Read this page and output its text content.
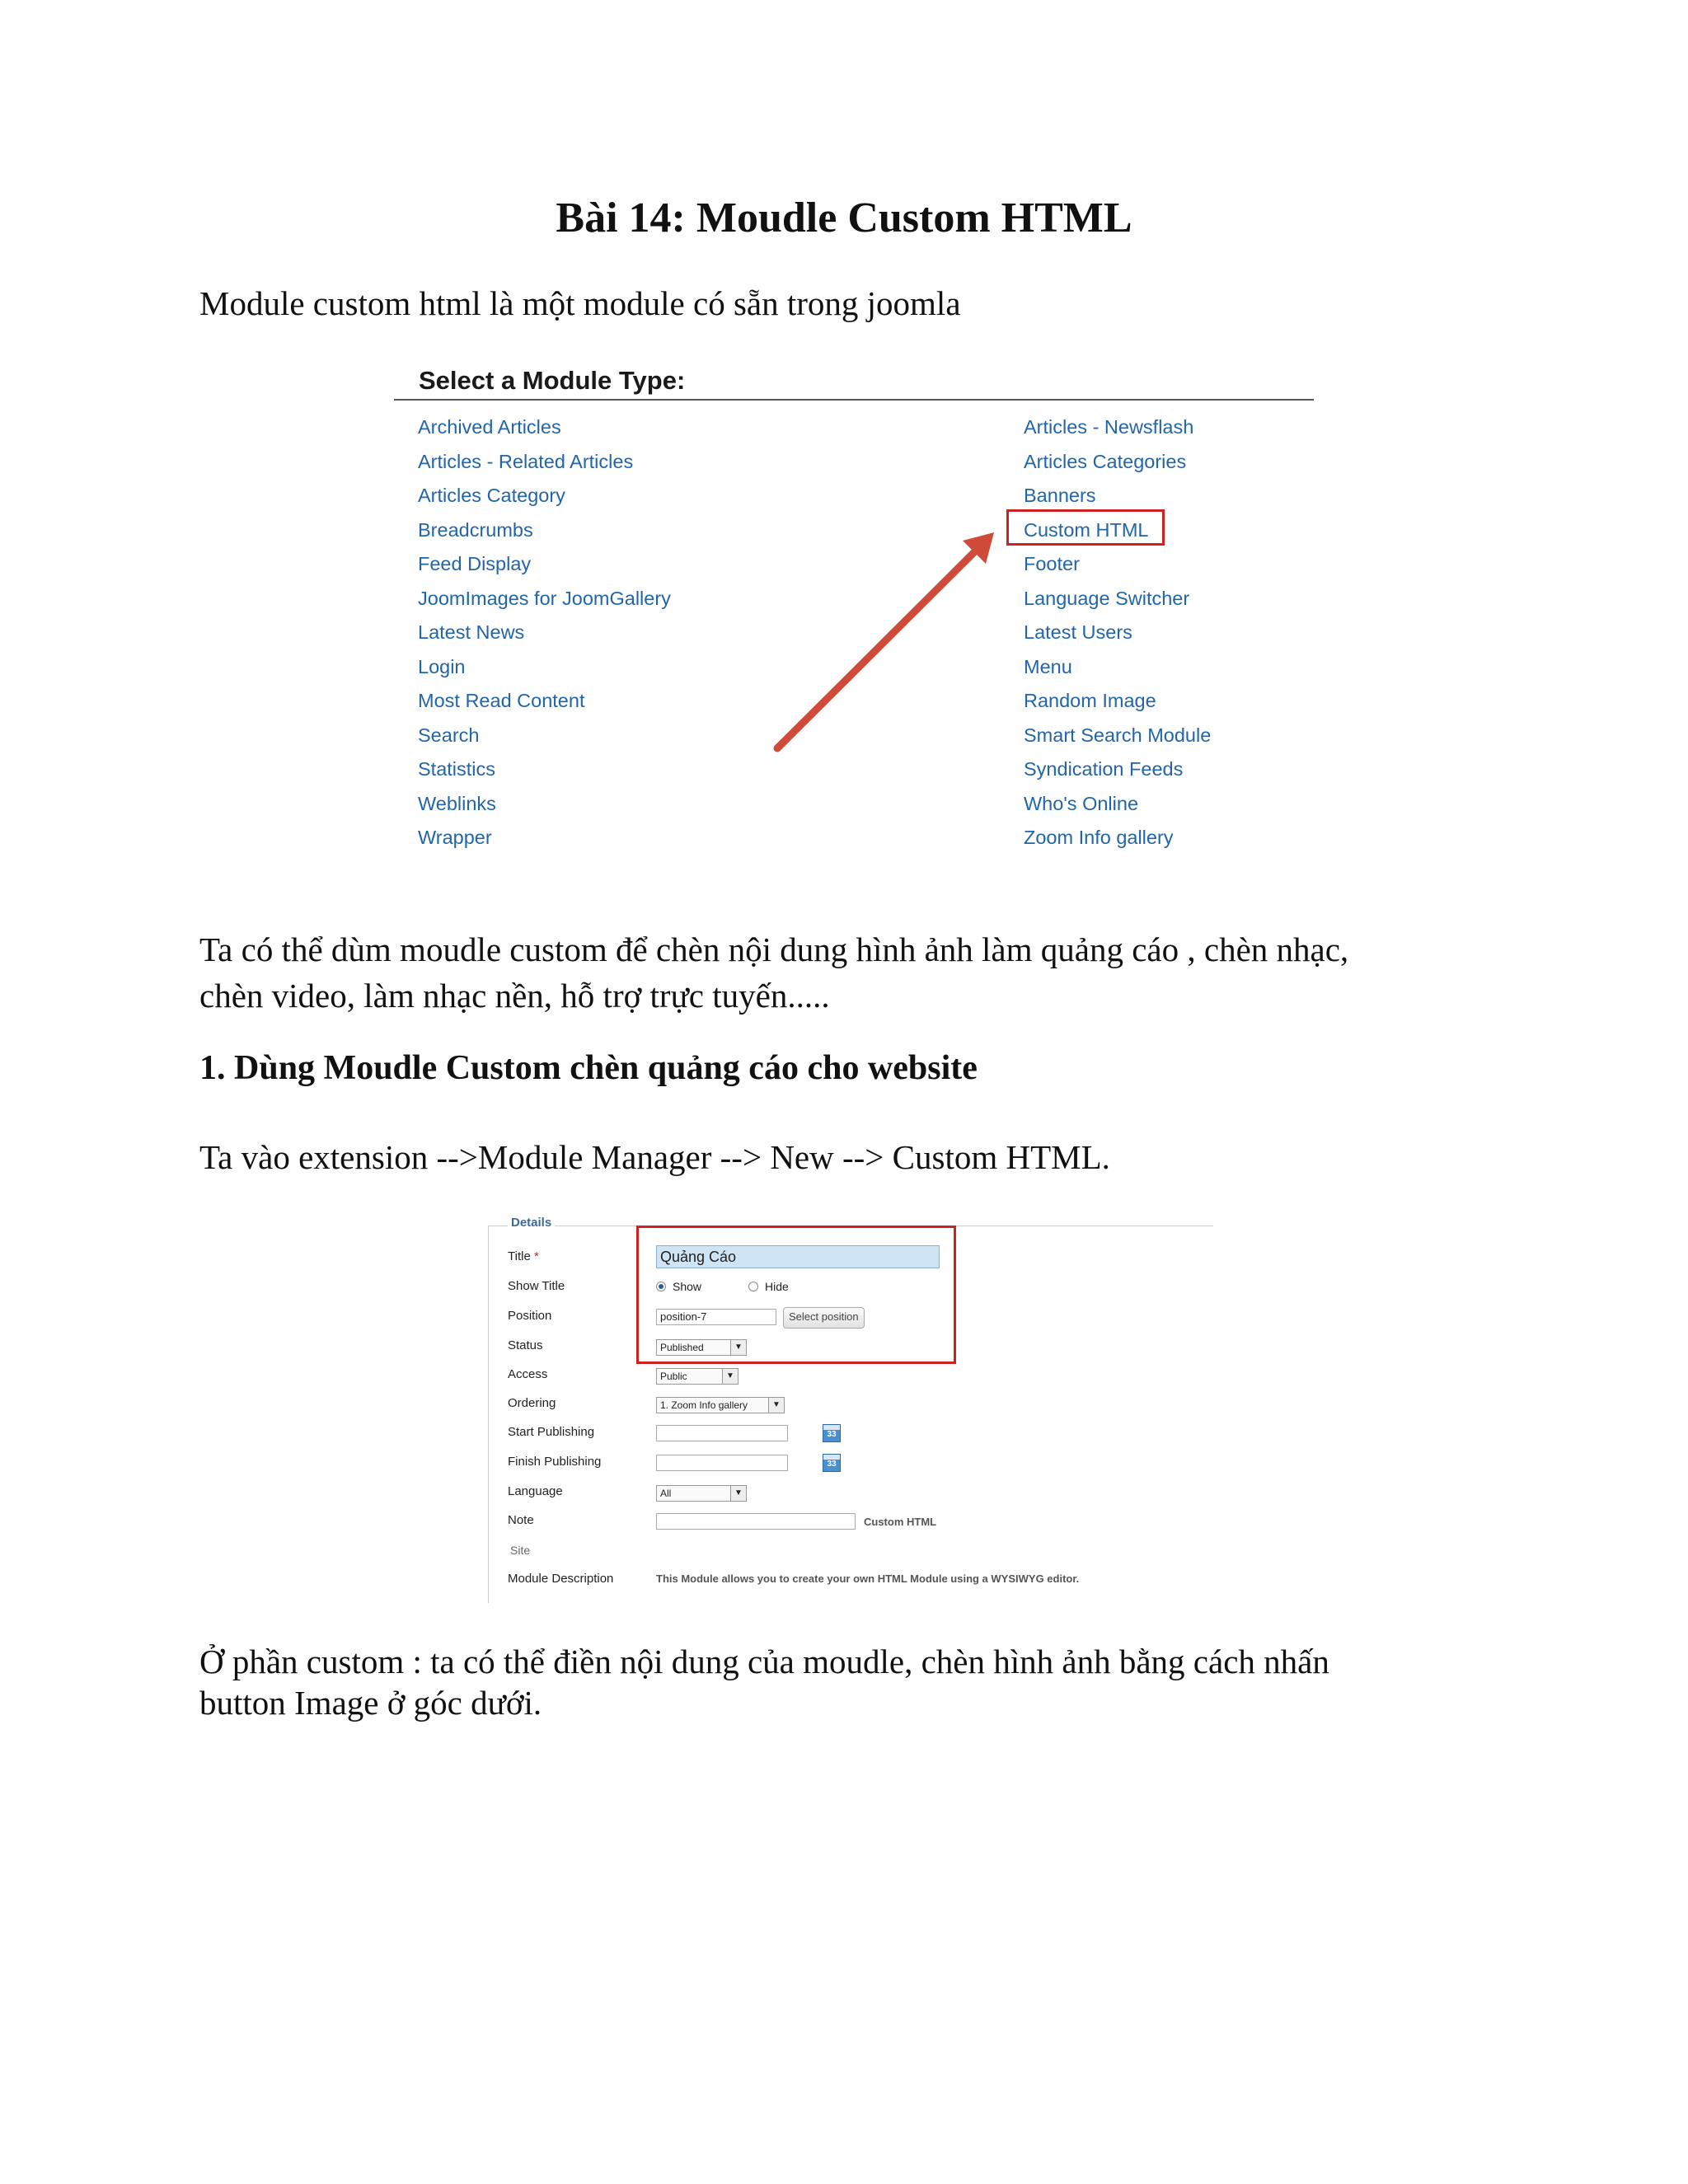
Bài 14: Moudle Custom HTML

Module custom html là một module có sẵn trong joomla

Select a Module Type:
Archived Articles
Articles - Related Articles
Articles Category
Breadcrumbs
Feed Display
JoomImages for JoomGallery
Latest News
Login
Most Read Content
Search
Statistics
Weblinks
Wrapper
Articles - Newsflash
Articles Categories
Banners
Custom HTML
Footer
Language Switcher
Latest Users
Menu
Random Image
Smart Search Module
Syndication Feeds
Who's Online
Zoom Info gallery

Ta có thể dùm moudle custom để chèn nội dung hình ảnh làm quảng cáo , chèn nhạc,

chèn video, làm nhạc nền, hỗ trợ trực tuyến.....

1. Dùng Moudle Custom chèn quảng cáo cho website

Ta vào extension -->Module Manager --> New --> Custom HTML.

Details
Title *	Quảng Cáo
Show Title	Show	Hide
Position	position-7	Select position
Status	Published	▼
Access	Public	▼
Ordering	1. Zoom Info gallery	▼
Start Publishing	33
Finish Publishing	33
Language	All	▼
Note	Custom HTML
Site
Module Description	This Module allows you to create your own HTML Module using a WYSIWYG editor.

Ở phần custom : ta có thể điền nội dung của moudle, chèn hình ảnh bằng cách nhấn

button Image ở góc dưới.
